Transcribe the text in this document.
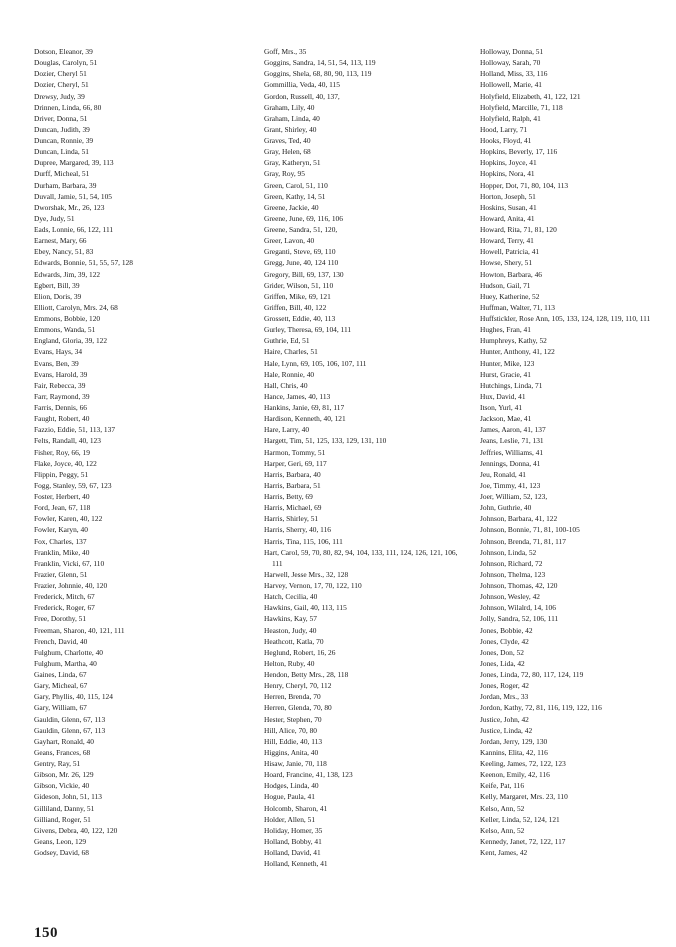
Dotson, Eleanor, 39
Douglas, Carolyn, 51
Dozier, Cheryl 51
Dozier, Cheryl, 51
Drewsy, Judy, 39
Drinnen, Linda, 66, 80
Driver, Donna, 51
Duncan, Judith, 39
Duncan, Ronnie, 39
Duncan, Linda, 51
Dupree, Margared, 39, 113
Durff, Micheal, 51
Durham, Barbara, 39
Duvall, Jamie, 51, 54, 105
Dworshak, Mr., 26, 123
Dye, Judy, 51
Eads, Lonnie, 66, 122, 111
Earnest, Mary, 66
Ebey, Nancy, 51, 83
Edwards, Bonnie, 51, 55, 57, 128
Edwards, Jim, 39, 122
Egbert, Bill, 39
Elion, Doris, 39
Elliott, Carolyn, Mrs. 24, 68
Emmons, Bobbie, 120
Emmons, Wanda, 51
England, Gloria, 39, 122
Evans, Hays, 34
Evans, Ben, 39
Evans, Harold, 39
Fair, Rebecca, 39
Farr, Raymond, 39
Farris, Dennis, 66
Faught, Robert, 40
Fazzio, Eddie, 51, 113, 137
Felts, Randall, 40, 123
Fisher, Roy, 66, 19
Flake, Joyce, 40, 122
Flippin, Peggy, 51
Fogg, Stanley, 59, 67, 123
Foster, Herbert, 40
Ford, Jean, 67, 118
Fowler, Karen, 40, 122
Fowler, Karyn, 40
Fox, Charles, 137
Franklin, Mike, 40
Franklin, Vicki, 67, 110
Frazier, Glenn, 51
Frazier, Johnnie, 40, 120
Frederick, Mitch, 67
Frederick, Roger, 67
Free, Dorothy, 51
Freeman, Sharon, 40, 121, 111
French, David, 40
Fulghum, Charlotte, 40
Fulghum, Martha, 40
Gaines, Linda, 67
Gary, Micheal, 67
Gary, Phyllis, 40, 115, 124
Gary, William, 67
Gauldin, Glenn, 67, 113
Gauldin, Glenn, 67, 113
Gayhart, Ronald, 40
Geans, Frances, 68
Gentry, Ray, 51
Gibson, Mr. 26, 129
Gibson, Vickie, 40
Gideson, John, 51, 113
Gilliland, Danny, 51
Gilliand, Roger, 51
Givens, Debra, 40, 122, 120
Geans, Leon, 129
Godsey, David, 68
Goff, Mrs., 35
Goggins, Sandra, 14, 51, 54, 113, 119
Goggins, Shela, 68, 80, 90, 113, 119
Gommillia, Veda, 40, 115
Gordon, Russell, 40, 137,
Graham, Lily, 40
Graham, Linda, 40
Grant, Shirley, 40
Graves, Ted, 40
Gray, Helen, 68
Gray, Katheryn, 51
Gray, Roy, 95
Green, Carol, 51, 110
Green, Kathy, 14, 51
Greene, Jackie, 40
Greene, June, 69, 116, 106
Greene, Sandra, 51, 120,
Greer, Lavon, 40
Greganti, Steve, 69, 110
Gregg, June, 40, 124 110
Gregory, Bill, 69, 137, 130
Grider, Wilson, 51, 110
Griffen, Mike, 69, 121
Griffen, Bill, 40, 122
Grossett, Eddie, 40, 113
Gurley, Theresa, 69, 104, 111
Guthrie, Ed, 51
Haire, Charles, 51
Hale, Lynn, 69, 105, 106, 107, 111
Hale, Ronnie, 40
Hall, Chris, 40
Hance, James, 40, 113
Hankins, Janie, 69, 81, 117
Hardison, Kenneth, 40, 121
Hare, Larry, 40
Hargett, Tim, 51, 125, 133, 129, 131, 110
Harmon, Tommy, 51
Harper, Geri, 69, 117
Harris, Barbara, 40
Harris, Barbara, 51
Harris, Betty, 69
Harris, Michael, 69
Harris, Shirley, 51
Harris, Sherry, 40, 116
Harris, Tina, 115, 106, 111
Hart, Carol, 59, 70, 80, 82, 94, 104, 133, 111, 124, 126, 121, 106, 111
Harwell, Jesse Mrs., 32, 128
Harvey, Vernon, 17, 70, 122, 110
Hatch, Cecilia, 40
Hawkins, Gail, 40, 113, 115
Hawkins, Kay, 57
Heaston, Judy, 40
Heathcott, Katla, 70
Heglund, Robert, 16, 26
Helton, Ruby, 40
Hendon, Betty Mrs., 28, 118
Henry, Cheryl, 70, 112
Herren, Brenda, 70
Herren, Glenda, 70, 80
Hester, Stephen, 70
Hill, Alice, 70, 80
Hill, Eddie, 40, 113
Higgins, Anita, 40
Hisaw, Janie, 70, 118
Hoard, Francine, 41, 138, 123
Hodges, Linda, 40
Hogue, Paula, 41
Holcomb, Sharon, 41
Holder, Allen, 51
Holiday, Homer, 35
Holland, Bobby, 41
Holland, David, 41
Holland, Kenneth, 41
Holloway, Donna, 51
Holloway, Sarah, 70
Holland, Miss, 33, 116
Hollowell, Marie, 41
Holyfield, Elizabeth, 41, 122, 121
Holyfield, Marcille, 71, 118
Holyfield, Ralph, 41
Hood, Larry, 71
Hooks, Floyd, 41
Hopkins, Beverly, 17, 116
Hopkins, Joyce, 41
Hopkins, Nora, 41
Hopper, Dot, 71, 80, 104, 113
Horton, Joseph, 51
Hoskins, Susan, 41
Howard, Anita, 41
Howard, Rita, 71, 81, 120
Howard, Terry, 41
Howell, Patricia, 41
Howse, Shery, 51
Howton, Barbara, 46
Hudson, Gail, 71
Huey, Katherine, 52
Huffman, Walter, 71, 113
Huffstickler, Rose Ann, 105, 133, 124, 128, 119, 110, 111
Hughes, Fran, 41
Humphreys, Kathy, 52
Hunter, Anthony, 41, 122
Hunter, Mike, 123
Hurst, Gracie, 41
Hutchings, Linda, 71
Hux, David, 41
Itson, Yurl, 41
Jackson, Mae, 41
James, Aaron, 41, 137
Jeans, Leslie, 71, 131
Jeffries, Williams, 41
Jennings, Donna, 41
Jeu, Ronald, 41
Joe, Timmy, 41, 123
Joer, William, 52, 123,
John, Guthrie, 40
Johnson, Barbara, 41, 122
Johnson, Bonnie, 71, 81, 100-105
Johnson, Brenda, 71, 81, 117
Johnson, Linda, 52
Johnson, Richard, 72
Johnson, Thelma, 123
Johnson, Thomas, 42, 120
Johnson, Wesley, 42
Johnson, Wilalrd, 14, 106
Jolly, Sandra, 52, 106, 111
Jones, Bobbie, 42
Jones, Clyde, 42
Jones, Don, 52
Jones, Lida, 42
Jones, Linda, 72, 80, 117, 124, 119
Jones, Roger, 42
Jordan, Mrs., 33
Jordon, Kathy, 72, 81, 116, 119, 122, 116
Justice, John, 42
Justice, Linda, 42
Jordan, Jerry, 129, 130
Kannins, Elita, 42, 116
Keeling, James, 72, 122, 123
Keenon, Emily, 42, 116
Keife, Pat, 116
Kelly, Margaret, Mrs. 23, 110
Kelso, Ann, 52
Keller, Linda, 52, 124, 121
Kelso, Ann, 52
Kennedy, Janet, 72, 122, 117
Kent, James, 42
150
